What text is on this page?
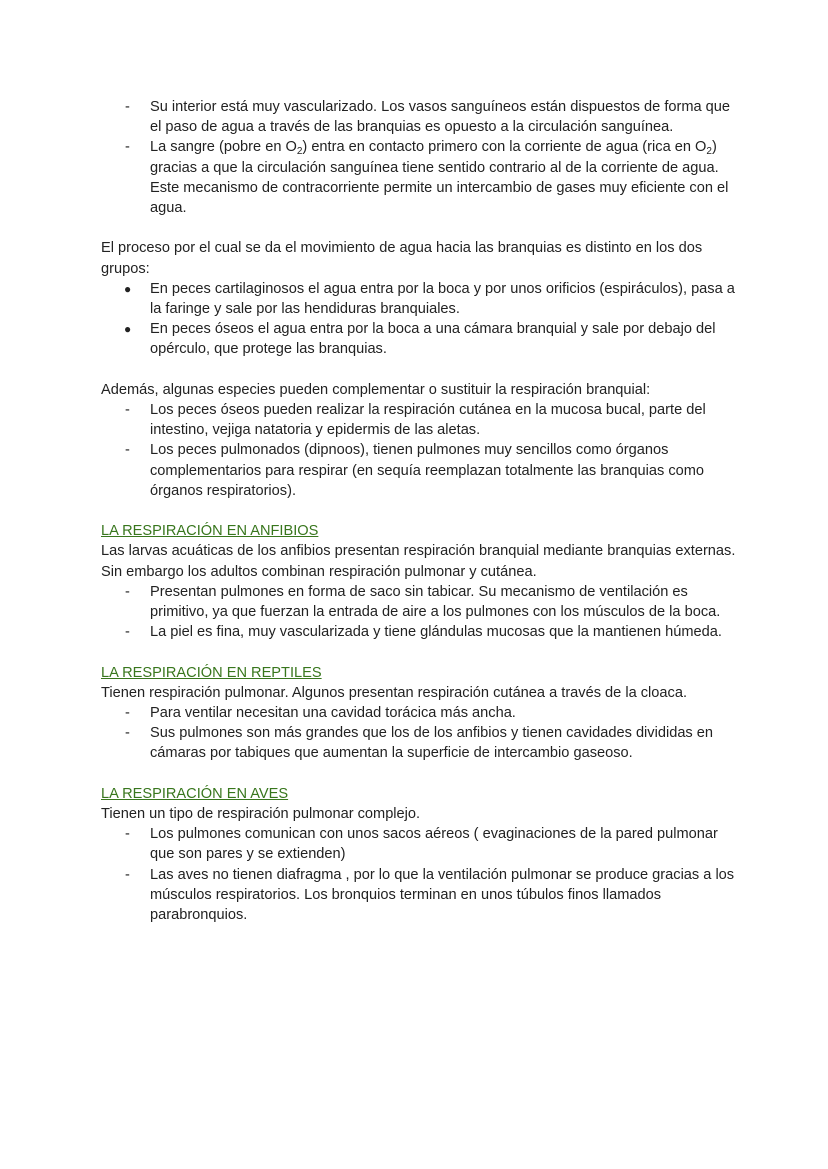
-	Su interior está muy vascularizado. Los vasos sanguíneos están dispuestos de forma que el paso de agua a través de las branquias es opuesto a la circulación sanguínea.
-	La sangre (pobre en $O_2$) entra en contacto primero con la corriente de agua (rica en $O_2$) gracias a que la circulación sanguínea tiene sentido contrario al de la corriente de agua. Este mecanismo de contracorriente permite un intercambio de gases muy eficiente con el agua.

El proceso por el cual se da el movimiento de agua hacia las branquias es distinto en los dos grupos:

●	En peces cartilaginosos el agua entra por la boca y por unos orificios (espiráculos), pasa a la faringe y sale por las hendiduras branquiales.
●	En peces óseos el agua entra por la boca a una cámara branquial y sale por debajo del opérculo, que protege las branquias.

Además, algunas especies pueden complementar o sustituir la respiración branquial:

-	Los peces óseos pueden realizar la respiración cutánea en la mucosa bucal, parte del intestino, vejiga natatoria y epidermis de las aletas.
-	Los peces pulmonados (dipnoos), tienen pulmones muy sencillos como órganos complementarios para respirar (en sequía reemplazan totalmente las branquias como órganos respiratorios).

LA RESPIRACIÓN EN ANFIBIOS

Las larvas acuáticas de los anfibios presentan respiración branquial mediante branquias externas. Sin embargo los adultos combinan respiración pulmonar y cutánea.

-	Presentan pulmones en forma de saco sin tabicar. Su mecanismo de ventilación es primitivo, ya que fuerzan la entrada de aire a los pulmones con los músculos de la boca.
-	La piel es fina, muy vascularizada y tiene glándulas mucosas que la mantienen húmeda.

LA RESPIRACIÓN EN REPTILES

Tienen respiración pulmonar. Algunos presentan respiración cutánea a través de la cloaca.

-	Para ventilar necesitan una cavidad torácica más ancha.
-	Sus pulmones son más grandes que los de los anfibios y tienen cavidades divididas en cámaras por tabiques que aumentan la superficie de intercambio gaseoso.

LA RESPIRACIÓN EN AVES

Tienen un tipo de respiración pulmonar complejo.

-	Los pulmones comunican con unos sacos aéreos ( evaginaciones de la pared pulmonar que son pares y se extienden)
-	Las aves no tienen diafragma , por lo que la ventilación pulmonar se produce gracias a los músculos respiratorios. Los bronquios terminan en unos túbulos finos llamados parabronquios.
